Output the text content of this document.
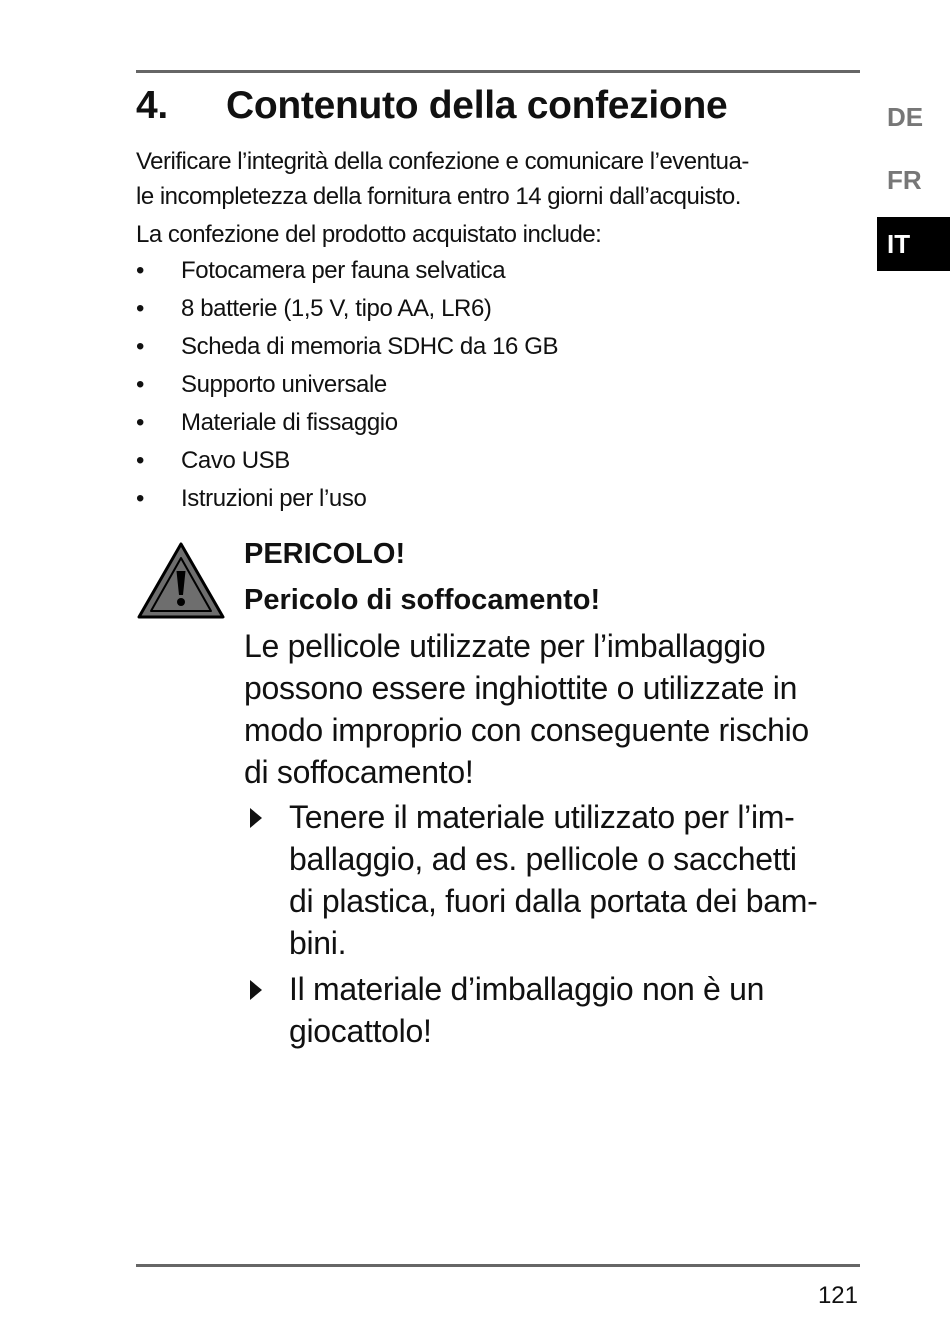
4. Contenuto della confezione

Verificare l’integrità della confezione e comunicare l’eventua-

le incompletezza della fornitura entro 14 giorni dall’acquisto.

La confezione del prodotto acquistato include:

• Fotocamera per fauna selvatica
• 8 batterie (1,5 V, tipo AA, LR6)
• Scheda di memoria SDHC da 16 GB
• Supporto universale
• Materiale di fissaggio
• Cavo USB
• Istruzioni per l’uso
PERICOLO!
Pericolo di soffocamento!
Le pellicole utilizzate per l’imballaggio
possono essere inghiottite o utilizzate in
modo improprio con conseguente rischio
di soffocamento!
Tenere il materiale utilizzato per l’im-
ballaggio, ad es. pellicole o sacchetti
di plastica, fuori dalla portata dei bam-
bini.
Il materiale d’imballaggio non è un
giocattolo!
DE
FR
IT
121
